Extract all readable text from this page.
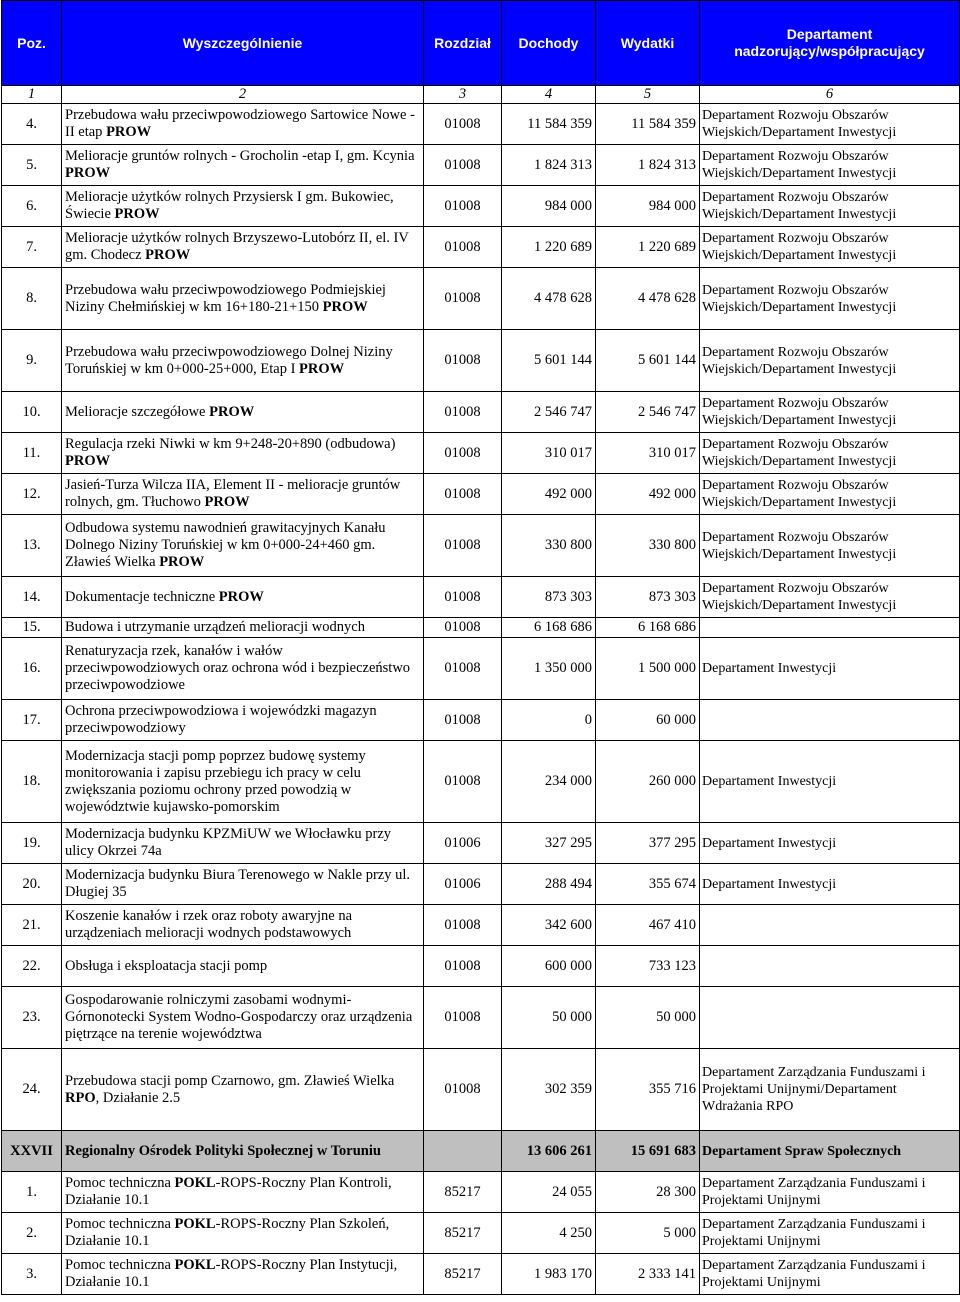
Poz.	Wyszczególnienie	Rozdział	Dochody	Wydatki	Departament
nadzorujący/współpracujący
1	2	3	4	5	6
4.	Przebudowa wału przeciwpowodziowego Sartowice Nowe - II etap PROW	01008	11 584 359	11 584 359	Departament Rozwoju Obszarów
Wiejskich/Departament Inwestycji
5.	Melioracje gruntów rolnych - Grocholin -etap I, gm. Kcynia PROW	01008	1 824 313	1 824 313	Departament Rozwoju Obszarów
Wiejskich/Departament Inwestycji
6.	Melioracje użytków rolnych Przysiersk I gm. Bukowiec, Świecie PROW	01008	984 000	984 000	Departament Rozwoju Obszarów
Wiejskich/Departament Inwestycji
7.	Melioracje użytków rolnych Brzyszewo-Lutobórz II, el. IV gm. Chodecz PROW	01008	1 220 689	1 220 689	Departament Rozwoju Obszarów
Wiejskich/Departament Inwestycji
8.	Przebudowa wału przeciwpowodziowego Podmiejskiej Niziny Chełmińskiej w km 16+180-21+150 PROW	01008	4 478 628	4 478 628	Departament Rozwoju Obszarów
Wiejskich/Departament Inwestycji
9.	Przebudowa wału przeciwpowodziowego Dolnej Niziny Toruńskiej w km 0+000-25+000, Etap I PROW	01008	5 601 144	5 601 144	Departament Rozwoju Obszarów
Wiejskich/Departament Inwestycji
10.	Melioracje szczegółowe PROW	01008	2 546 747	2 546 747	Departament Rozwoju Obszarów
Wiejskich/Departament Inwestycji
11.	Regulacja rzeki Niwki w km 9+248-20+890 (odbudowa) PROW	01008	310 017	310 017	Departament Rozwoju Obszarów
Wiejskich/Departament Inwestycji
12.	Jasień-Turza Wilcza IIA, Element II - melioracje gruntów rolnych, gm. Tłuchowo PROW	01008	492 000	492 000	Departament Rozwoju Obszarów
Wiejskich/Departament Inwestycji
13.	Odbudowa systemu nawodnień grawitacyjnych Kanału Dolnego Niziny Toruńskiej w km 0+000-24+460 gm. Zławieś Wielka PROW	01008	330 800	330 800	Departament Rozwoju Obszarów
Wiejskich/Departament Inwestycji
14.	Dokumentacje techniczne PROW	01008	873 303	873 303	Departament Rozwoju Obszarów
Wiejskich/Departament Inwestycji
15.	Budowa i utrzymanie urządzeń melioracji wodnych	01008	6 168 686	6 168 686	
16.	Renaturyzacja rzek, kanałów i wałów przeciwpowodziowych oraz ochrona wód i bezpieczeństwo przeciwpowodziowe	01008	1 350 000	1 500 000	Departament Inwestycji
17.	Ochrona przeciwpowodziowa i wojewódzki magazyn przeciwpowodziowy	01008	0	60 000	
18.	Modernizacja stacji pomp poprzez budowę systemy monitorowania i zapisu przebiegu ich pracy w celu zwiększania poziomu ochrony przed powodzią w województwie kujawsko-pomorskim	01008	234 000	260 000	Departament Inwestycji
19.	Modernizacja budynku KPZMiUW we Włocławku przy ulicy Okrzei 74a	01006	327 295	377 295	Departament Inwestycji
20.	Modernizacja budynku Biura Terenowego w Nakle przy ul. Długiej 35	01006	288 494	355 674	Departament Inwestycji
21.	Koszenie kanałów i rzek oraz roboty awaryjne na urządzeniach melioracji wodnych podstawowych	01008	342 600	467 410	
22.	Obsługa i eksploatacja stacji pomp	01008	600 000	733 123	
23.	Gospodarowanie rolniczymi zasobami wodnymi-Górnonotecki System Wodno-Gospodarczy oraz urządzenia piętrzące na terenie województwa	01008	50 000	50 000	
24.	Przebudowa stacji pomp Czarnowo, gm. Zławieś Wielka RPO, Działanie 2.5	01008	302 359	355 716	Departament Zarządzania Funduszami i
Projektami Unijnymi/Departament
Wdrażania RPO
XXVII	Regionalny Ośrodek Polityki Społecznej w Toruniu		13 606 261	15 691 683	Departament Spraw Społecznych
1.	Pomoc techniczna POKL-ROPS-Roczny Plan Kontroli, Działanie 10.1	85217	24 055	28 300	Departament Zarządzania Funduszami i
Projektami Unijnymi
2.	Pomoc techniczna POKL-ROPS-Roczny Plan Szkoleń, Działanie 10.1	85217	4 250	5 000	Departament Zarządzania Funduszami i
Projektami Unijnymi
3.	Pomoc techniczna POKL-ROPS-Roczny Plan Instytucji, Działanie 10.1	85217	1 983 170	2 333 141	Departament Zarządzania Funduszami i
Projektami Unijnymi
